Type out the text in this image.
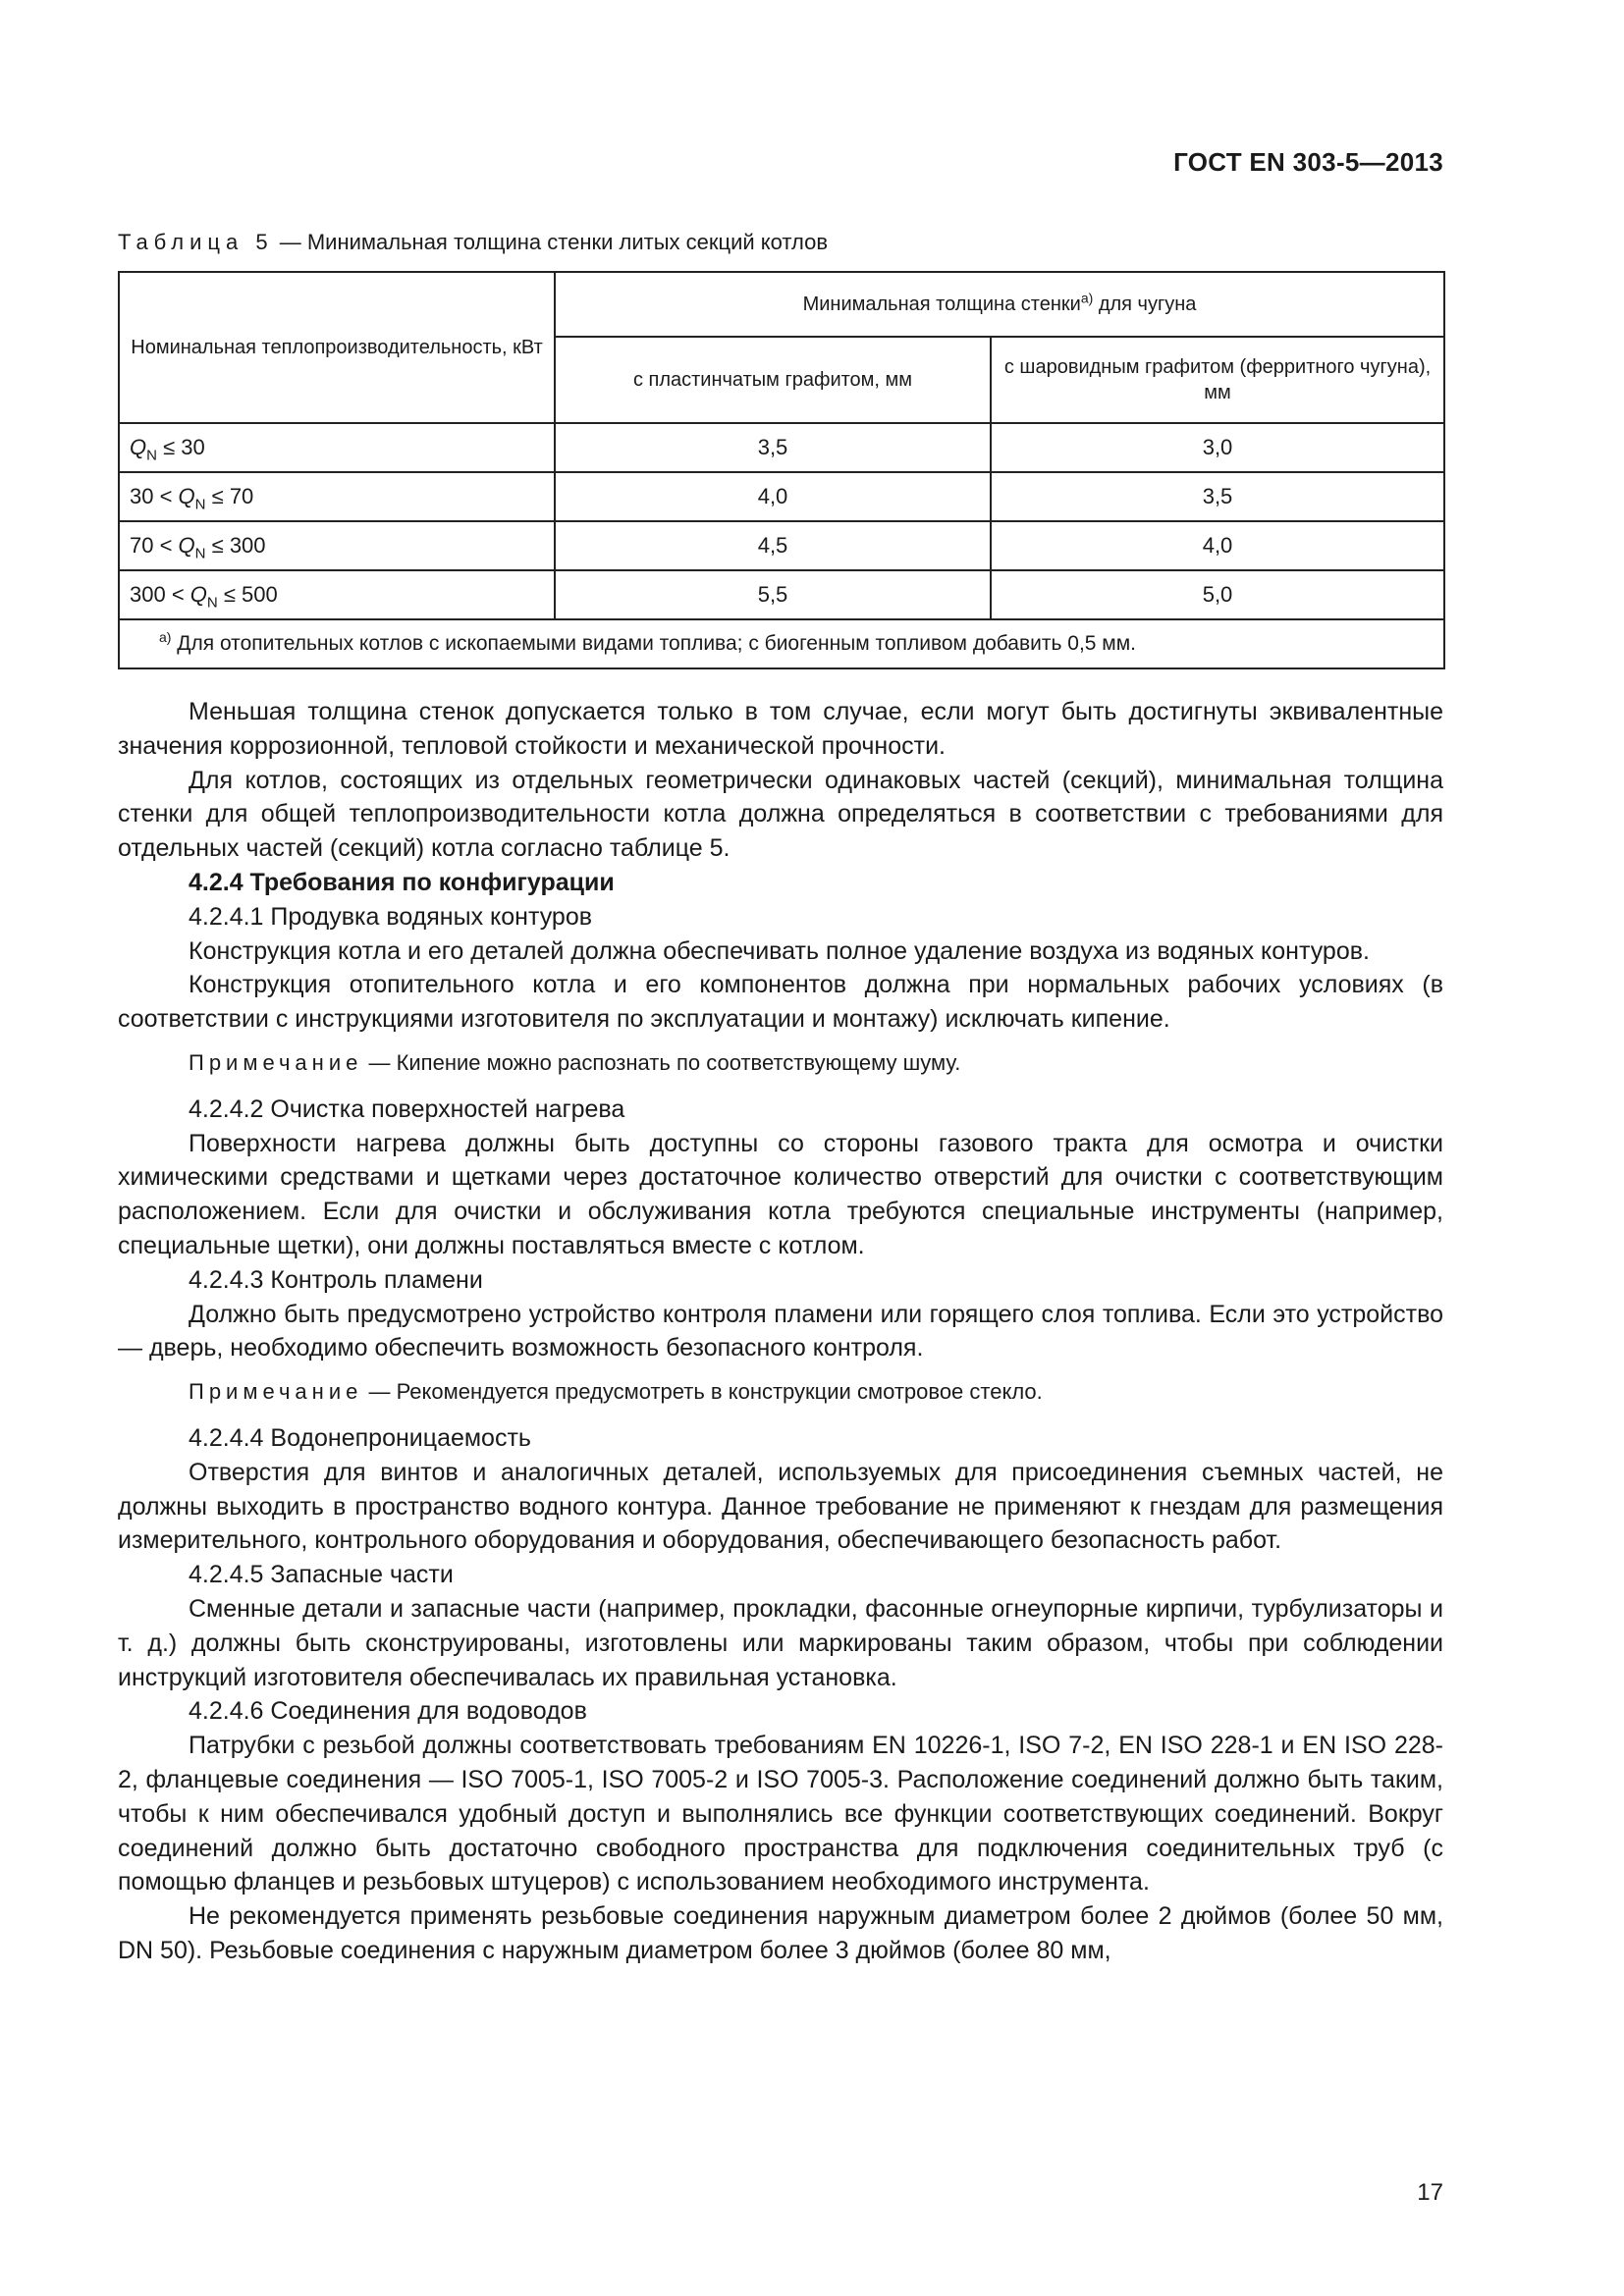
ГОСТ EN 303-5—2013
Таблица 5 — Минимальная толщина стенки литых секций котлов
Номинальная теплопроизводительность, кВт	Минимальная толщина стенки$^{а)}$ для чугуна	
	с пластинчатым графитом, мм	с шаровидным графитом (ферритного чугуна), мм
$Q_N \le 30$	3,5	3,0
$30 < Q_N \le 70$	4,0	3,5
$70 < Q_N \le 300$	4,5	4,0
$300 < Q_N \le 500$	5,5	5,0
$^{а)}$ Для отопительных котлов с ископаемыми видами топлива; с биогенным топливом добавить 0,5 мм.		

Меньшая толщина стенок допускается только в том случае, если могут быть достигнуты эквивалентные значения коррозионной, тепловой стойкости и механической прочности.

Для котлов, состоящих из отдельных геометрически одинаковых частей (секций), минимальная толщина стенки для общей теплопроизводительности котла должна определяться в соответствии с требованиями для отдельных частей (секций) котла согласно таблице 5.

4.2.4 Требования по конфигурации

4.2.4.1 Продувка водяных контуров

Конструкция котла и его деталей должна обеспечивать полное удаление воздуха из водяных контуров.

Конструкция отопительного котла и его компонентов должна при нормальных рабочих условиях (в соответствии с инструкциями изготовителя по эксплуатации и монтажу) исключать кипение.

Примечание — Кипение можно распознать по соответствующему шуму.

4.2.4.2 Очистка поверхностей нагрева

Поверхности нагрева должны быть доступны со стороны газового тракта для осмотра и очистки химическими средствами и щетками через достаточное количество отверстий для очистки с соответствующим расположением. Если для очистки и обслуживания котла требуются специальные инструменты (например, специальные щетки), они должны поставляться вместе с котлом.

4.2.4.3 Контроль пламени

Должно быть предусмотрено устройство контроля пламени или горящего слоя топлива. Если это устройство — дверь, необходимо обеспечить возможность безопасного контроля.

Примечание — Рекомендуется предусмотреть в конструкции смотровое стекло.

4.2.4.4 Водонепроницаемость

Отверстия для винтов и аналогичных деталей, используемых для присоединения съемных частей, не должны выходить в пространство водного контура. Данное требование не применяют к гнездам для размещения измерительного, контрольного оборудования и оборудования, обеспечивающего безопасность работ.

4.2.4.5 Запасные части

Сменные детали и запасные части (например, прокладки, фасонные огнеупорные кирпичи, турбулизаторы и т. д.) должны быть сконструированы, изготовлены или маркированы таким образом, чтобы при соблюдении инструкций изготовителя обеспечивалась их правильная установка.

4.2.4.6 Соединения для водоводов

Патрубки с резьбой должны соответствовать требованиям EN 10226-1, ISO 7-2, EN ISO 228-1 и EN ISO 228-2, фланцевые соединения — ISO 7005-1, ISO 7005-2 и ISO 7005-3. Расположение соединений должно быть таким, чтобы к ним обеспечивался удобный доступ и выполнялись все функции соответствующих соединений. Вокруг соединений должно быть достаточно свободного пространства для подключения соединительных труб (с помощью фланцев и резьбовых штуцеров) с использованием необходимого инструмента.

Не рекомендуется применять резьбовые соединения наружным диаметром более 2 дюймов (более 50 мм, DN 50). Резьбовые соединения с наружным диаметром более 3 дюймов (более 80 мм,

17
